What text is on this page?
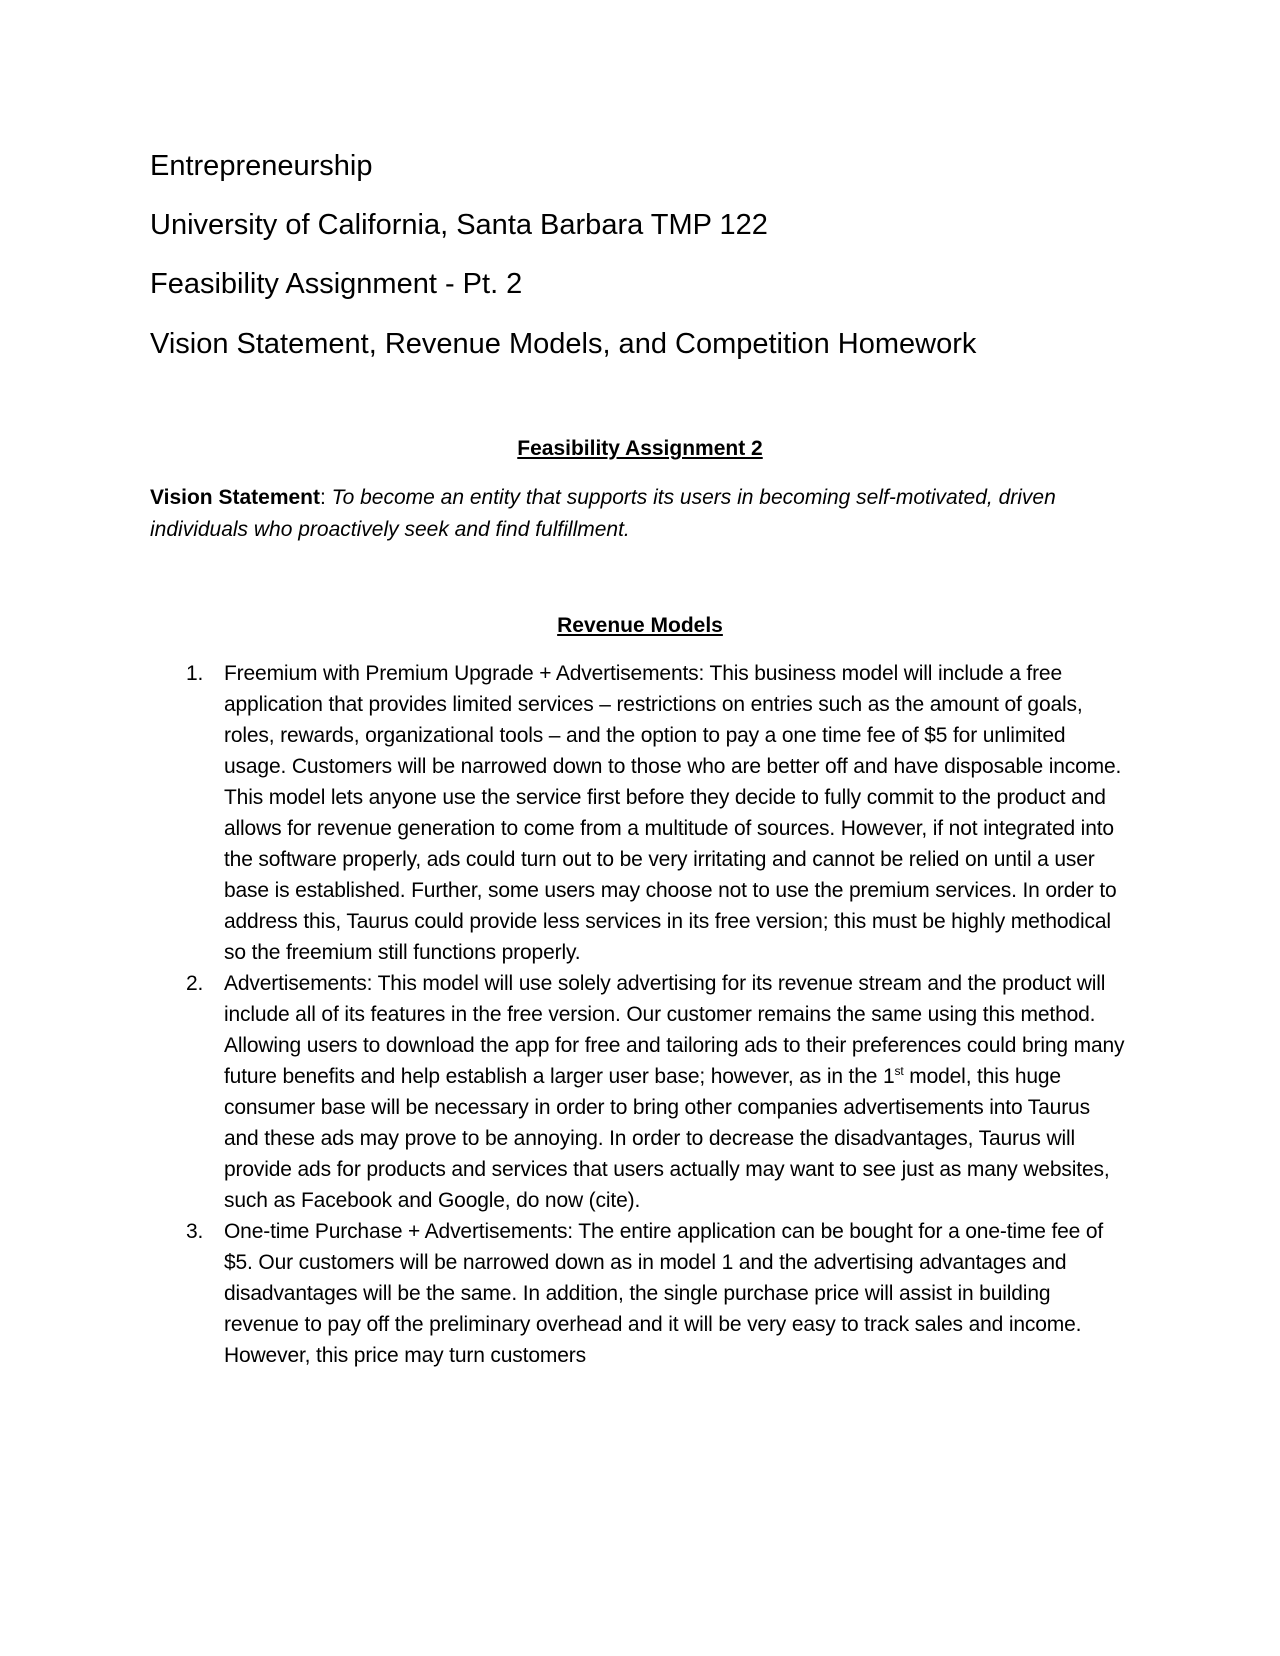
Entrepreneurship
University of California, Santa Barbara TMP 122
Feasibility Assignment - Pt. 2
Vision Statement, Revenue Models, and Competition Homework
Feasibility Assignment 2
Vision Statement: To become an entity that supports its users in becoming self-motivated, driven individuals who proactively seek and find fulfillment.
Revenue Models
1. Freemium with Premium Upgrade + Advertisements: This business model will include a free application that provides limited services – restrictions on entries such as the amount of goals, roles, rewards, organizational tools – and the option to pay a one time fee of $5 for unlimited usage. Customers will be narrowed down to those who are better off and have disposable income. This model lets anyone use the service first before they decide to fully commit to the product and allows for revenue generation to come from a multitude of sources. However, if not integrated into the software properly, ads could turn out to be very irritating and cannot be relied on until a user base is established. Further, some users may choose not to use the premium services. In order to address this, Taurus could provide less services in its free version; this must be highly methodical so the freemium still functions properly.
2. Advertisements: This model will use solely advertising for its revenue stream and the product will include all of its features in the free version. Our customer remains the same using this method. Allowing users to download the app for free and tailoring ads to their preferences could bring many future benefits and help establish a larger user base; however, as in the 1st model, this huge consumer base will be necessary in order to bring other companies advertisements into Taurus and these ads may prove to be annoying. In order to decrease the disadvantages, Taurus will provide ads for products and services that users actually may want to see just as many websites, such as Facebook and Google, do now (cite).
3. One-time Purchase + Advertisements: The entire application can be bought for a one-time fee of $5. Our customers will be narrowed down as in model 1 and the advertising advantages and disadvantages will be the same. In addition, the single purchase price will assist in building revenue to pay off the preliminary overhead and it will be very easy to track sales and income. However, this price may turn customers
